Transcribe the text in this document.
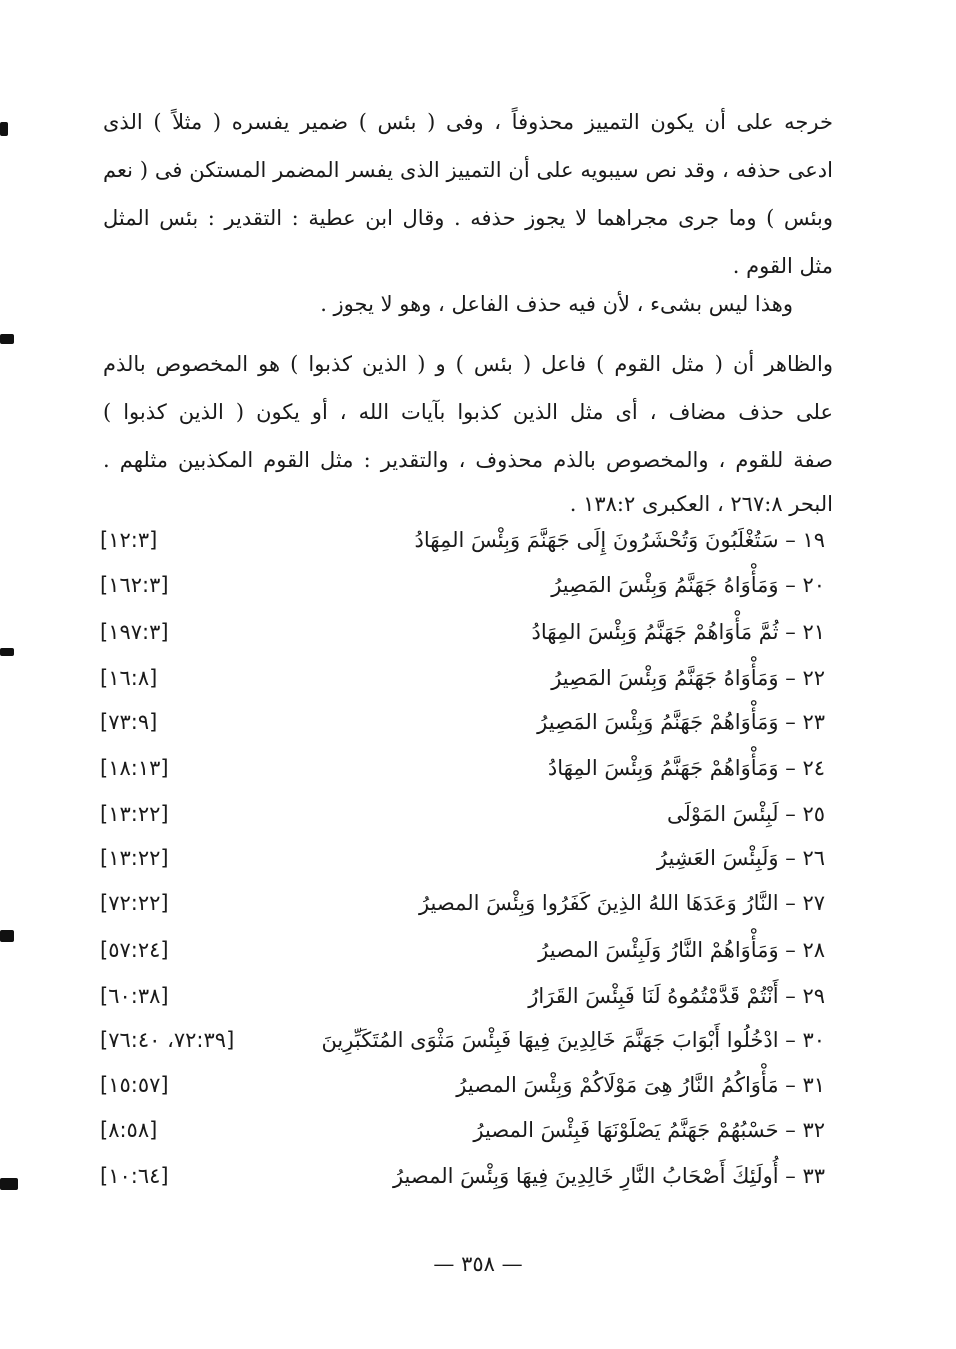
خرجه على أن يكون التمييز محذوفاً ، وفى ( بئس ) ضمير يفسره ( مثلاً ) الذى
ادعى حذفه ، وقد نص سيبويه على أن التمييز الذى يفسر المضمر المستكن فى ( نعم
وبئس ) وما جرى مجراهما لا يجوز حذفه . وقال ابن عطية : التقدير : بئس المثل
مثل القوم .
وهذا ليس بشىء ، لأن فيه حذف الفاعل ، وهو لا يجوز .
والظاهر أن ( مثل القوم ) فاعل ( بئس ) و ( الذين كذبوا ) هو المخصوص بالذم
على حذف مضاف ، أى مثل الذين كذبوا بآيات الله ، أو يكون ( الذين كذبوا )
صفة للقوم ، والمخصوص بالذم محذوف ، والتقدير : مثل القوم المكذبين مثلهم .
البحر ٢٦٧:٨ ، العكبرى ١٣٨:٢ .
١٩ – سَتُغْلَبُونَ وَتُحْشَرُونَ إِلَى جَهَنَّمَ وَبِئْسَ المِهَادُ
[١٢:٣]
٢٠ – وَمَأْوَاهُ جَهَنَّمُ وَبِئْسَ المَصِيرُ
[١٦٢:٣]
٢١ – ثُمَّ مَأْوَاهُمْ جَهَنَّمُ وَبِئْسَ المِهَادُ
[١٩٧:٣]
٢٢ – وَمَأْوَاهُ جَهَنَّمُ وَبِئْسَ المَصِيرُ
[١٦:٨]
٢٣ – وَمَأْوَاهُمْ جَهَنَّمُ وَبِئْسَ المَصِيرُ
[٧٣:٩]
٢٤ – وَمَأْوَاهُمْ جَهَنَّمُ وَبِئْسَ المِهَادُ
[١٨:١٣]
٢٥ – لَبِئْسَ المَوْلَى
[١٣:٢٢]
٢٦ – وَلَبِئْسَ العَشِيرُ
[١٣:٢٢]
٢٧ – النَّارُ وَعَدَهَا اللهُ الذِينَ كَفَرُوا وَبِئْسَ المصيرُ
[٧٢:٢٢]
٢٨ – وَمَأْوَاهُمْ النَّارُ وَلَبِئْسَ المصيرُ
[٥٧:٢٤]
٢٩ – أَنْتُمْ قَدَّمْتُمُوهُ لَنَا فَبِئْسَ القَرَارُ
[٦٠:٣٨]
٣٠ – ادْخُلُوا أَبْوَابَ جَهَنَّمَ خَالِدِينَ فِيهَا فَبِئْسَ مَثْوَى المُتَكَبِّرِينَ
[٧٢:٣٩، ٧٦:٤٠]
٣١ – مَأْوَاكُمُ النَّارُ هِىَ مَوْلَاكُمْ وَبِئْسَ المصيرُ
[١٥:٥٧]
٣٢ – حَسْبُهُمْ جَهَنَّمُ يَصْلَوْنَهَا فَبِئْسَ المصيرُ
[٨:٥٨]
٣٣ – أُولَئِكَ أَصْحَابُ النَّارِ خَالِدِينَ فِيهَا وَبِئْسَ المصيرُ
[١٠:٦٤]
— ٣٥٨ —
